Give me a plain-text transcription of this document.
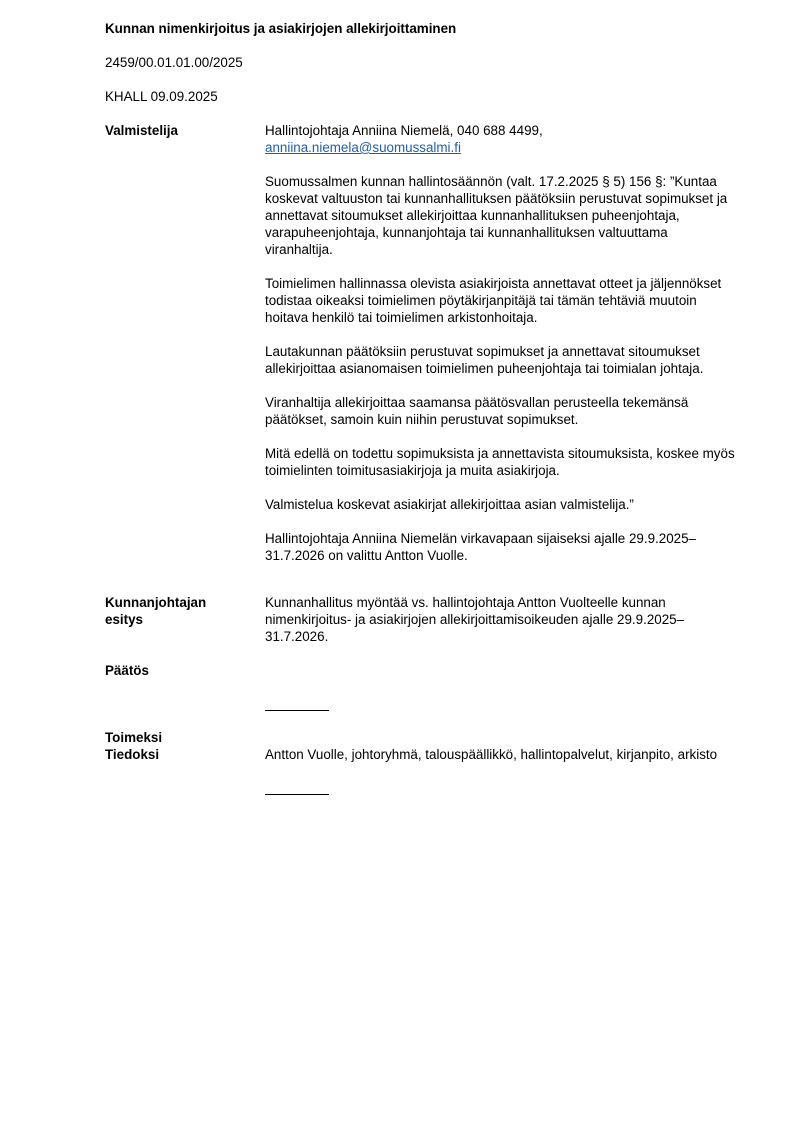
Kunnan nimenkirjoitus ja asiakirjojen allekirjoittaminen
2459/00.01.01.00/2025
KHALL 09.09.2025
Valmistelija	Hallintojohtaja Anniina Niemelä, 040 688 4499,

anniina.niemela@suomussalmi.fi

Suomussalmen kunnan hallintosäännön (valt. 17.2.2025 § 5) 156 §: ”Kuntaa koskevat valtuuston tai kunnanhallituksen päätöksiin perustuvat sopimukset ja annettavat sitoumukset allekirjoittaa kunnanhallituksen puheenjohtaja, varapuheenjohtaja, kunnanjohtaja tai kunnanhallituksen valtuuttama viranhaltija.

Toimielimen hallinnassa olevista asiakirjoista annettavat otteet ja jäljennökset todistaa oikeaksi toimielimen pöytäkirjanpitäjä tai tämän tehtäviä muutoin hoitava henkilö tai toimielimen arkistonhoitaja.

Lautakunnan päätöksiin perustuvat sopimukset ja annettavat sitoumukset allekirjoittaa asianomaisen toimielimen puheenjohtaja tai toimialan johtaja.

Viranhaltija allekirjoittaa saamansa päätösvallan perusteella tekemänsä päätökset, samoin kuin niihin perustuvat sopimukset.

Mitä edellä on todettu sopimuksista ja annettavista sitoumuksista, koskee myös toimielinten toimitusasiakirjoja ja muita asiakirjoja.

Valmistelua koskevat asiakirjat allekirjoittaa asian valmistelija.”

Hallintojohtaja Anniina Niemelän virkavapaan sijaiseksi ajalle 29.9.2025–31.7.2026 on valittu Antton Vuolle.

Kunnanjohtajan
esitys
Kunnanhallitus myöntää vs. hallintojohtaja Antton Vuolteelle kunnan nimenkirjoitus- ja asiakirjojen allekirjoittamisoikeuden ajalle 29.9.2025–31.7.2026.
Päätös
Toimeksi
Tiedoksi	Antton Vuolle, johtoryhmä, talouspäällikkö, hallintopalvelut, kirjanpito, arkisto
